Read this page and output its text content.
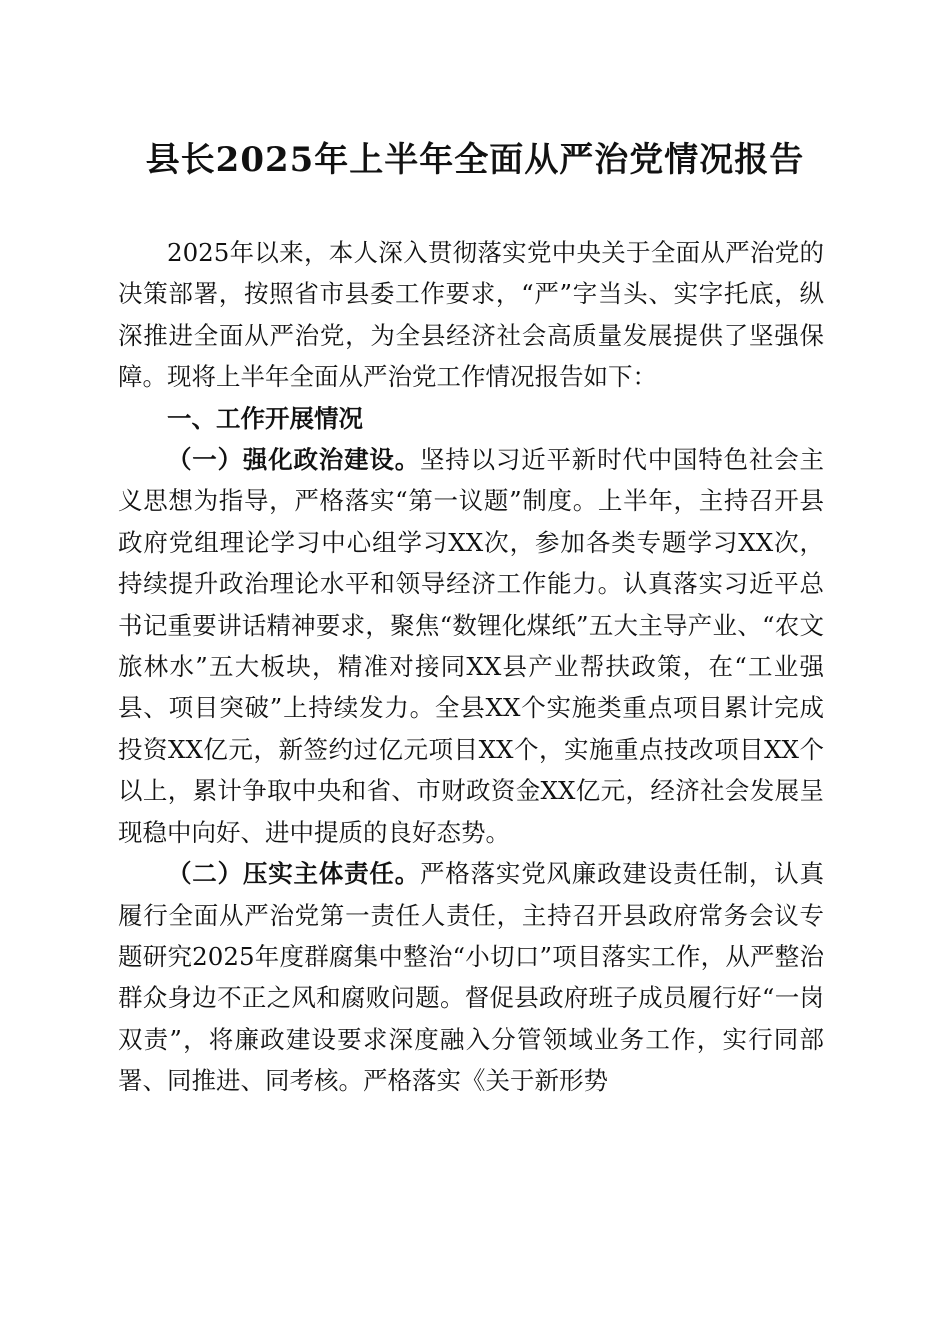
县长2025年上半年全面从严治党情况报告

2025年以来，本人深入贯彻落实党中央关于全面从严治党的决策部署，按照省市县委工作要求，“严”字当头、实字托底，纵深推进全面从严治党，为全县经济社会高质量发展提供了坚强保障。现将上半年全面从严治党工作情况报告如下：

一、工作开展情况

（一）强化政治建设。坚持以习近平新时代中国特色社会主义思想为指导，严格落实“第一议题”制度。上半年，主持召开县政府党组理论学习中心组学习XX次，参加各类专题学习XX次，持续提升政治理论水平和领导经济工作能力。认真落实习近平总书记重要讲话精神要求，聚焦“数锂化煤纸”五大主导产业、“农文旅林水”五大板块，精准对接同XX县产业帮扶政策，在“工业强县、项目突破”上持续发力。全县XX个实施类重点项目累计完成投资XX亿元，新签约过亿元项目XX个，实施重点技改项目XX个以上，累计争取中央和省、市财政资金XX亿元，经济社会发展呈现稳中向好、进中提质的良好态势。

（二）压实主体责任。严格落实党风廉政建设责任制，认真履行全面从严治党第一责任人责任，主持召开县政府常务会议专题研究2025年度群腐集中整治“小切口”项目落实工作，从严整治群众身边不正之风和腐败问题。督促县政府班子成员履行好“一岗双责”，将廉政建设要求深度融入分管领域业务工作，实行同部署、同推进、同考核。严格落实《关于新形势
